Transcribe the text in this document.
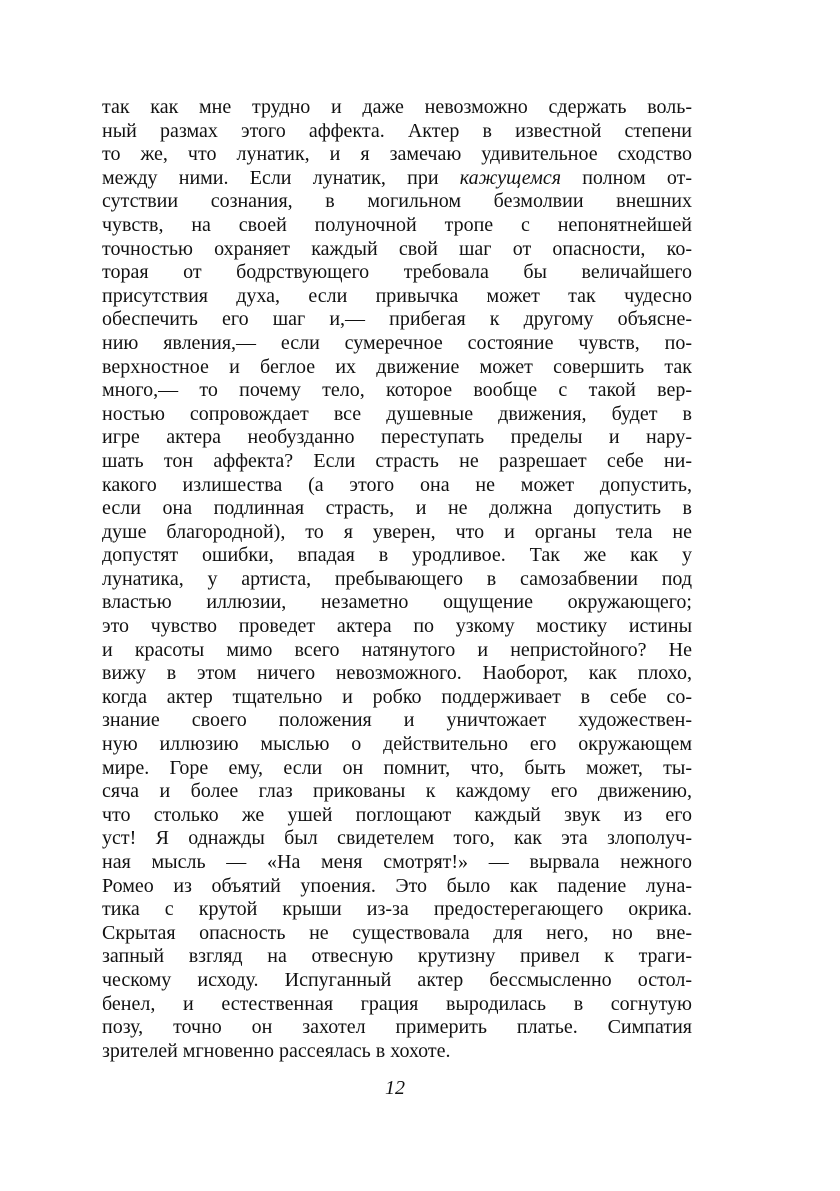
так как мне трудно и даже невозможно сдержать воль-
ный размах этого аффекта. Актер в известной степени
то же, что лунатик, и я замечаю удивительное сходство
между ними. Если лунатик, при кажущемся полном от-
сутствии сознания, в могильном безмолвии внешних
чувств, на своей полуночной тропе с непонятнейшей
точностью охраняет каждый свой шаг от опасности, ко-
торая от бодрствующего требовала бы величайшего
присутствия духа, если привычка может так чудесно
обеспечить его шаг и,— прибегая к другому объясне-
нию явления,— если сумеречное состояние чувств, по-
верхностное и беглое их движение может совершить так
много,— то почему тело, которое вообще с такой вер-
ностью сопровождает все душевные движения, будет в
игре актера необузданно переступать пределы и нару-
шать тон аффекта? Если страсть не разрешает себе ни-
какого излишества (а этого она не может допустить,
если она подлинная страсть, и не должна допустить в
душе благородной), то я уверен, что и органы тела не
допустят ошибки, впадая в уродливое. Так же как у
лунатика, у артиста, пребывающего в самозабвении под
властью иллюзии, незаметно ощущение окружающего;
это чувство проведет актера по узкому мостику истины
и красоты мимо всего натянутого и непристойного? Не
вижу в этом ничего невозможного. Наоборот, как плохо,
когда актер тщательно и робко поддерживает в себе со-
знание своего положения и уничтожает художествен-
ную иллюзию мыслью о действительно его окружающем
мире. Горе ему, если он помнит, что, быть может, ты-
сяча и более глаз прикованы к каждому его движению,
что столько же ушей поглощают каждый звук из его
уст! Я однажды был свидетелем того, как эта злополуч-
ная мысль — «На меня смотрят!» — вырвала нежного
Ромео из объятий упоения. Это было как падение луна-
тика с крутой крыши из-за предостерегающего окрика.
Скрытая опасность не существовала для него, но вне-
запный взгляд на отвесную крутизну привел к траги-
ческому исходу. Испуганный актер бессмысленно остол-
бенел, и естественная грация выродилась в согнутую
позу, точно он захотел примерить платье. Симпатия
зрителей мгновенно рассеялась в хохоте.
12
